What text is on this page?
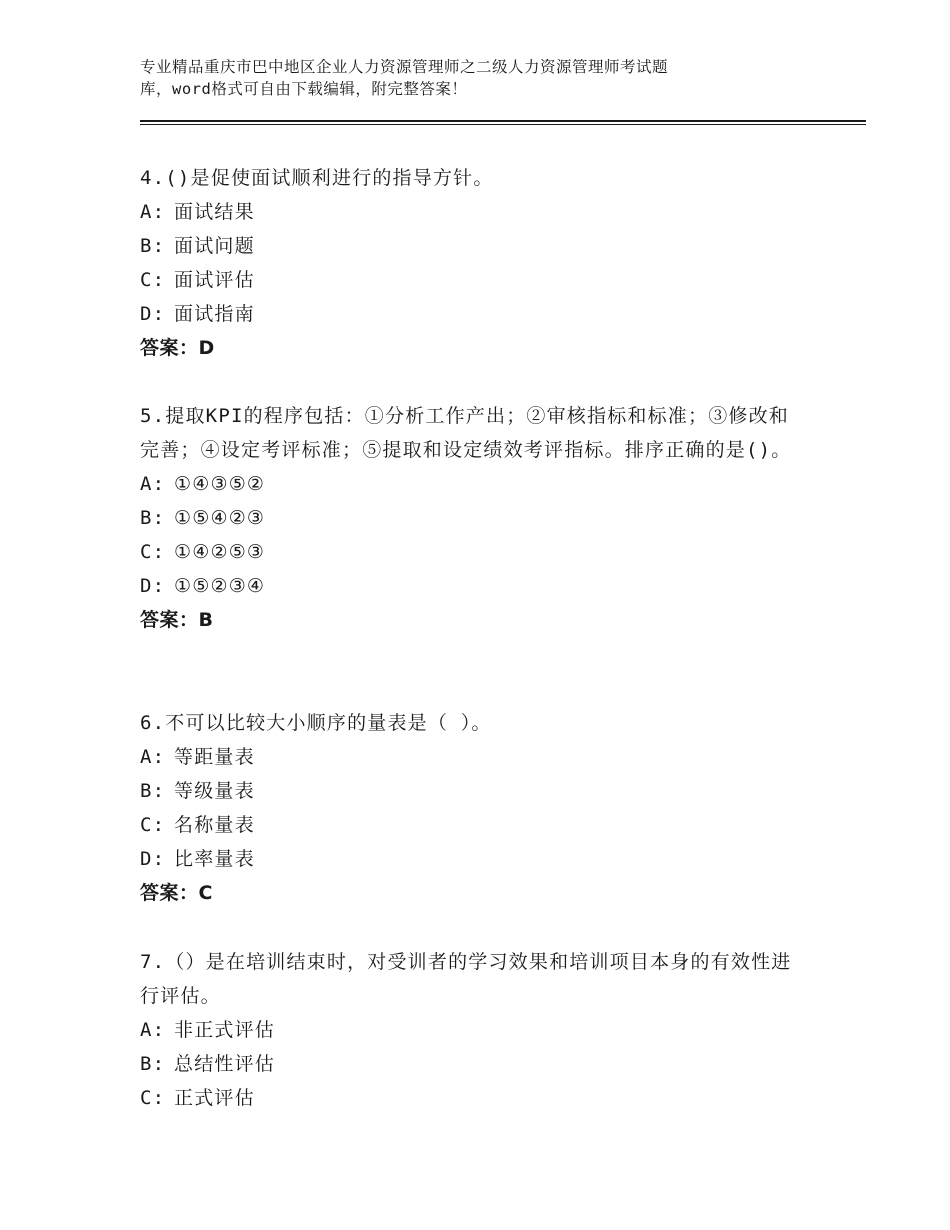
专业精品重庆市巴中地区企业人力资源管理师之二级人力资源管理师考试题
库，word格式可自由下载编辑，附完整答案！
4.()是促使面试顺利进行的指导方针。
A: 面试结果
B: 面试问题
C: 面试评估
D: 面试指南
答案：D
5.提取KPI的程序包括：①分析工作产出；②审核指标和标准；③修改和完善；④设定考评标准；⑤提取和设定绩效考评指标。排序正确的是()。
A: ①④③⑤②
B: ①⑤④②③
C: ①④②⑤③
D: ①⑤②③④
答案：B
6.不可以比较大小顺序的量表是（ ）。
A: 等距量表
B: 等级量表
C: 名称量表
D: 比率量表
答案：C
7.（）是在培训结束时，对受训者的学习效果和培训项目本身的有效性进行评估。
A: 非正式评估
B: 总结性评估
C: 正式评估
